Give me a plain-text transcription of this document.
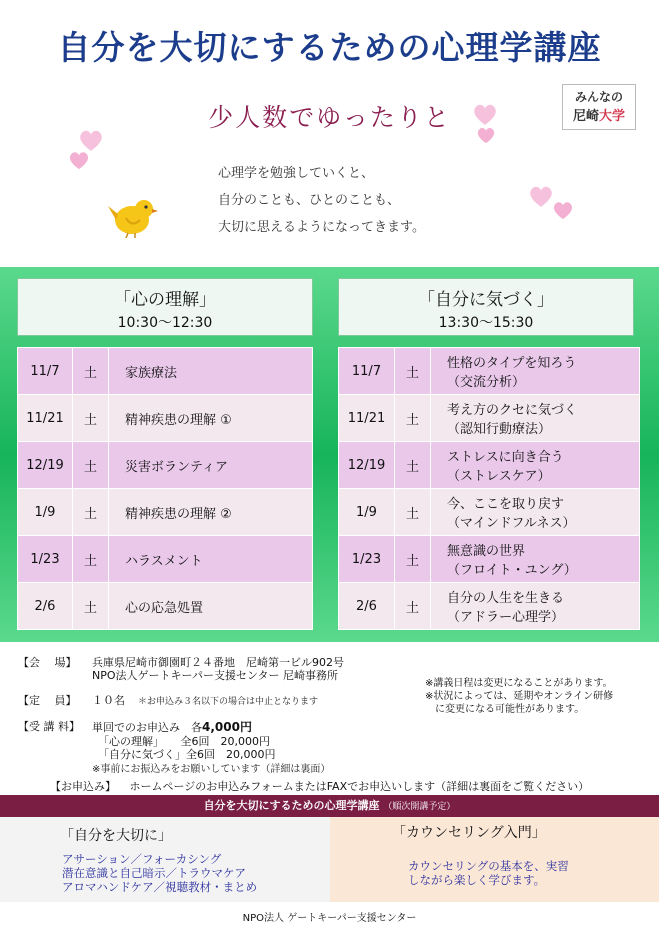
自分を大切にするための心理学講座
少人数でゆったりと
みんなの
尼崎大学
心理学を勉強していくと、
自分のことも、ひとのことも、
大切に思えるようになってきます。
「心の理解」
10:30～12:30
「自分に気づく」
13:30～15:30
11/7	土	家族療法
11/21	土	精神疾患の理解 ①
12/19	土	災害ボランティア
1/9	土	精神疾患の理解 ②
1/23	土	ハラスメント
2/6	土	心の応急処置
11/7	土	性格のタイプを知ろう
（交流分析）

11/21	土	考え方のクセに気づく
（認知行動療法）

12/19	土	ストレスに向き合う
（ストレスケア）

1/9	土	今、ここを取り戻す
（マインドフルネス）

1/23	土	無意識の世界
（フロイト・ユング）

2/6	土	自分の人生を生きる
（アドラー心理学）
【会　 場】 兵庫県尼崎市御園町２４番地　尼崎第一ビル902号
NPO法人ゲートキーパー支援センター 尼崎事務所
【定　 員】 １０名 ＊お申込み３名以下の場合は中止となります
【受 講 料】 単回でのお申込み　各4,000円
「心の理解」　　全6回　20,000円
「自分に気づく」全6回　20,000円
※事前にお振込みをお願いしています（詳細は裏面）
※講義日程は変更になることがあります。
※状況によっては、延期やオンライン研修
　に変更になる可能性があります。
【お申込み】 ホームページのお申込みフォームまたはFAXでお申込いします（詳細は裏面をご覧ください）
自分を大切にするための心理学講座 （順次開講予定）
「自分を大切に」
アサーション／フォーカシング
潜在意識と自己暗示／トラウマケア
アロマハンドケア／視聴教材・まとめ
「カウンセリング入門」
カウンセリングの基本を、実習
しながら楽しく学びます。
NPO法人 ゲートキーパー支援センター
